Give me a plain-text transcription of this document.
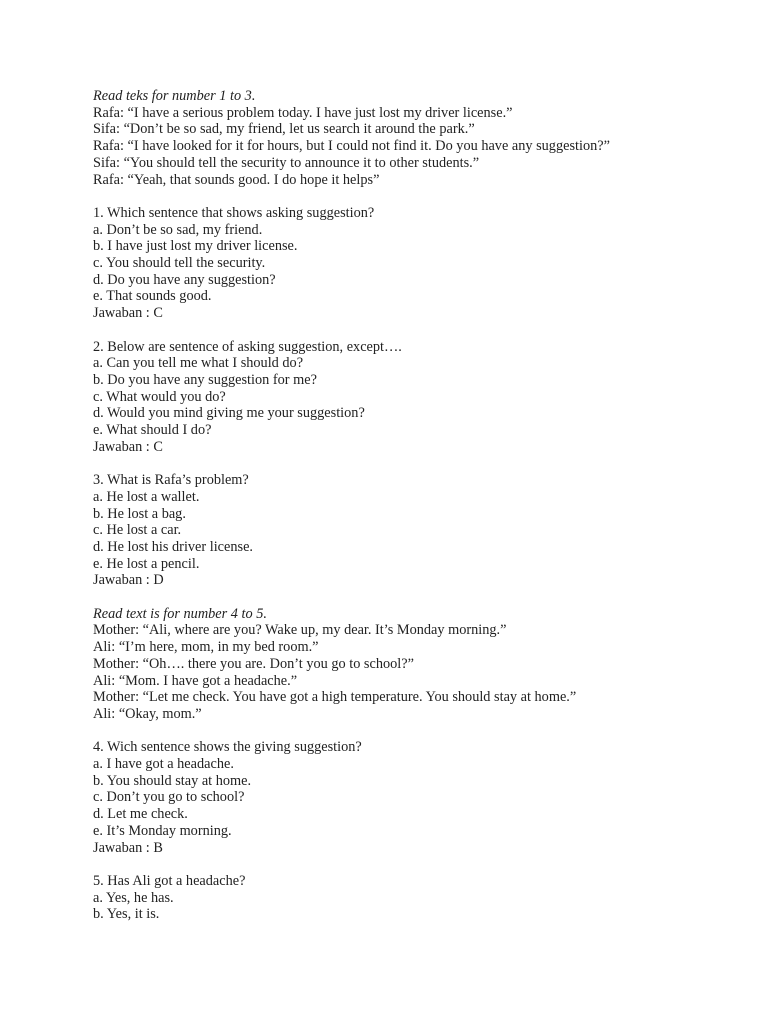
Read teks for number 1 to 3.
Rafa: “I have a serious problem today. I have just lost my driver license.”
Sifa: “Don’t be so sad, my friend, let us search it around the park.”
Rafa: “I have looked for it for hours, but I could not find it. Do you have any suggestion?”
Sifa: “You should tell the security to announce it to other students.”
Rafa: “Yeah, that sounds good. I do hope it helps”
1. Which sentence that shows asking suggestion?
a. Don’t be so sad, my friend.
b. I have just lost my driver license.
c. You should tell the security.
d. Do you have any suggestion?
e. That sounds good.
Jawaban : C
2. Below are sentence of asking suggestion, except….
a. Can you tell me what I should do?
b. Do you have any suggestion for me?
c. What would you do?
d. Would you mind giving me your suggestion?
e. What should I do?
Jawaban : C
3. What is Rafa’s problem?
a. He lost a wallet.
b. He lost a bag.
c. He lost a car.
d. He lost his driver license.
e. He lost a pencil.
Jawaban : D
Read text is for number 4 to 5.
Mother: “Ali, where are you? Wake up, my dear. It’s Monday morning.”
Ali: “I’m here, mom, in my bed room.”
Mother: “Oh…. there you are. Don’t you go to school?”
Ali: “Mom. I have got a headache.”
Mother: “Let me check. You have got a high temperature. You should stay at home.”
Ali: “Okay, mom.”
4. Wich sentence shows the giving suggestion?
a. I have got a headache.
b. You should stay at home.
c. Don’t you go to school?
d. Let me check.
e. It’s Monday morning.
Jawaban : B
5. Has Ali got a headache?
a. Yes, he has.
b. Yes, it is.
